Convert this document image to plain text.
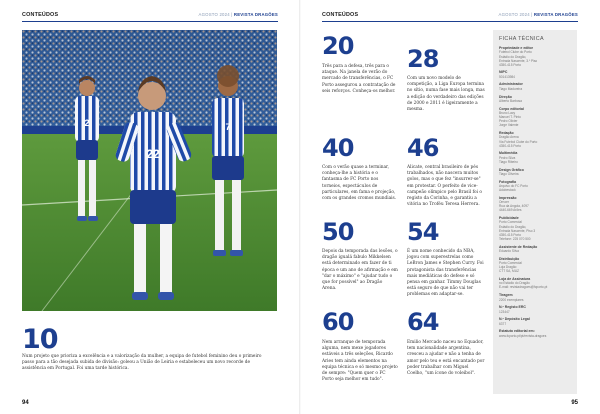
CONTEÚDOS	AGOSTO 2024 | REVISTA DRAGÕES
2	7
22
10
Num projeto que prioriza a excelência e a valorização da mulher, a equipa de futebol feminino deu o primeiro passo para a tão desejada subida de divisão: goleou a União de Leiria e estabeleceu um novo recorde de assistência em Portugal. Foi uma tarde histórica.
94
CONTEÚDOS	AGOSTO 2024 | REVISTA DRAGÕES
20
Três para a defesa, três para o ataque. Na janela de verão do mercado de transferências, o FC Porto assegurou a contratação de seis reforços. Conheça-os melhor.
40
Com o verão quase a terminar, conheça-lhe a história e o fantasma de FC Porto nos torneios, espectáculos de particulares, em fama e projeção, com os grandes cromos mundiais.
50
Depois da temporada das lesões, o dragão igualá fabulo Mikkelsen está determinado em fazer de ti época e um ano de afirmação e em "dar o máximo" e "ajudar tudo o que for possível" ao Dragão Arena.
60
Nem arranque de temporada alguma, nem mexe jogadores estáveis a três seleções, Ricardo Aries tem ainda elementos na equipa técnica e só mesmo projeto de sempre: "Quem quer o FC Porto seja melhor em tudo".
28
Com um novo modelo de competição, a Liga Europa termina no sítio, numa fase mais longa, mas a edição do verdadeiro das edições de 2000 e 2011 é ligeiramente a mesma.
46
Alicate, central brasileiro de pés trabalhados, não nascera muitos golos, mas o que fez "insurrer-se" em protestar. O perfeito de vice-campeão olímpico pelo Brasil foi o registo da Corinha, e garantiu a vitória no Troféu Teresa Herrera.
54
É um nome conhecido da NBA, jogou com superestrelas como LeBron James e Stephen Curry. Foi protagonista das transferências mais mediáticas do defeso e só pensa em ganhar. Timmy Douglas está seguro de que não vai ter problemas em adaptar-se.
64
Emilio Mercado naceu no Equador, tem nacionalidade argentina, cresceu a ajudar e não a tenha de amor pelo teu e está encantado por poder trabalhar com Miguel Coelho, "um ícone do voleibol".
95
FICHA TÉCNICA
Propriedade e editor
Futebol Clube do Porto
Estádio do Dragão,
Entrada Nascente, 3.º Piso
4350-415 Porto
NIPC
501413984
Administrador
Tiago Madureira
Direção
Alberto Barbosa
Corpo editorial
Bruno Lacy
Manuel T. Pinto
Pedro Olivier
Jorge Valente
Redação
Dragão Arena
Via Futebol Clube do Porto
4350-415 Porto
Multimédia
Pedro Silva
Tiago Ribeiro
Design Gráfico
Tiago Oliveira
Fotografia
Arquivo do FC Porto
Adobestock
Impressão
Ornoer
Rua da Angola, 4097
4440-669 Arões
Publicidade
Porto Comercial
Estádio do Dragão,
Entrada Nascente, Piso 3
4350-415 Porto
Telefone: 225 070 500
Assistente de Redação
Eduardo Silva
Distribuição
Porto Comercial
Loja Dragão
CTT SA, MUZ
Loja de Assinatura
no Estádio do Dragão
E-mail: revistadragoes@fcporto.pt
Tiragem
2200 exemplares
N.º Registo ERC
123447
N.º Depósito Legal
6377
Estatuto editorial em:
www.fcporto.pt/pt/revista-dragoes
